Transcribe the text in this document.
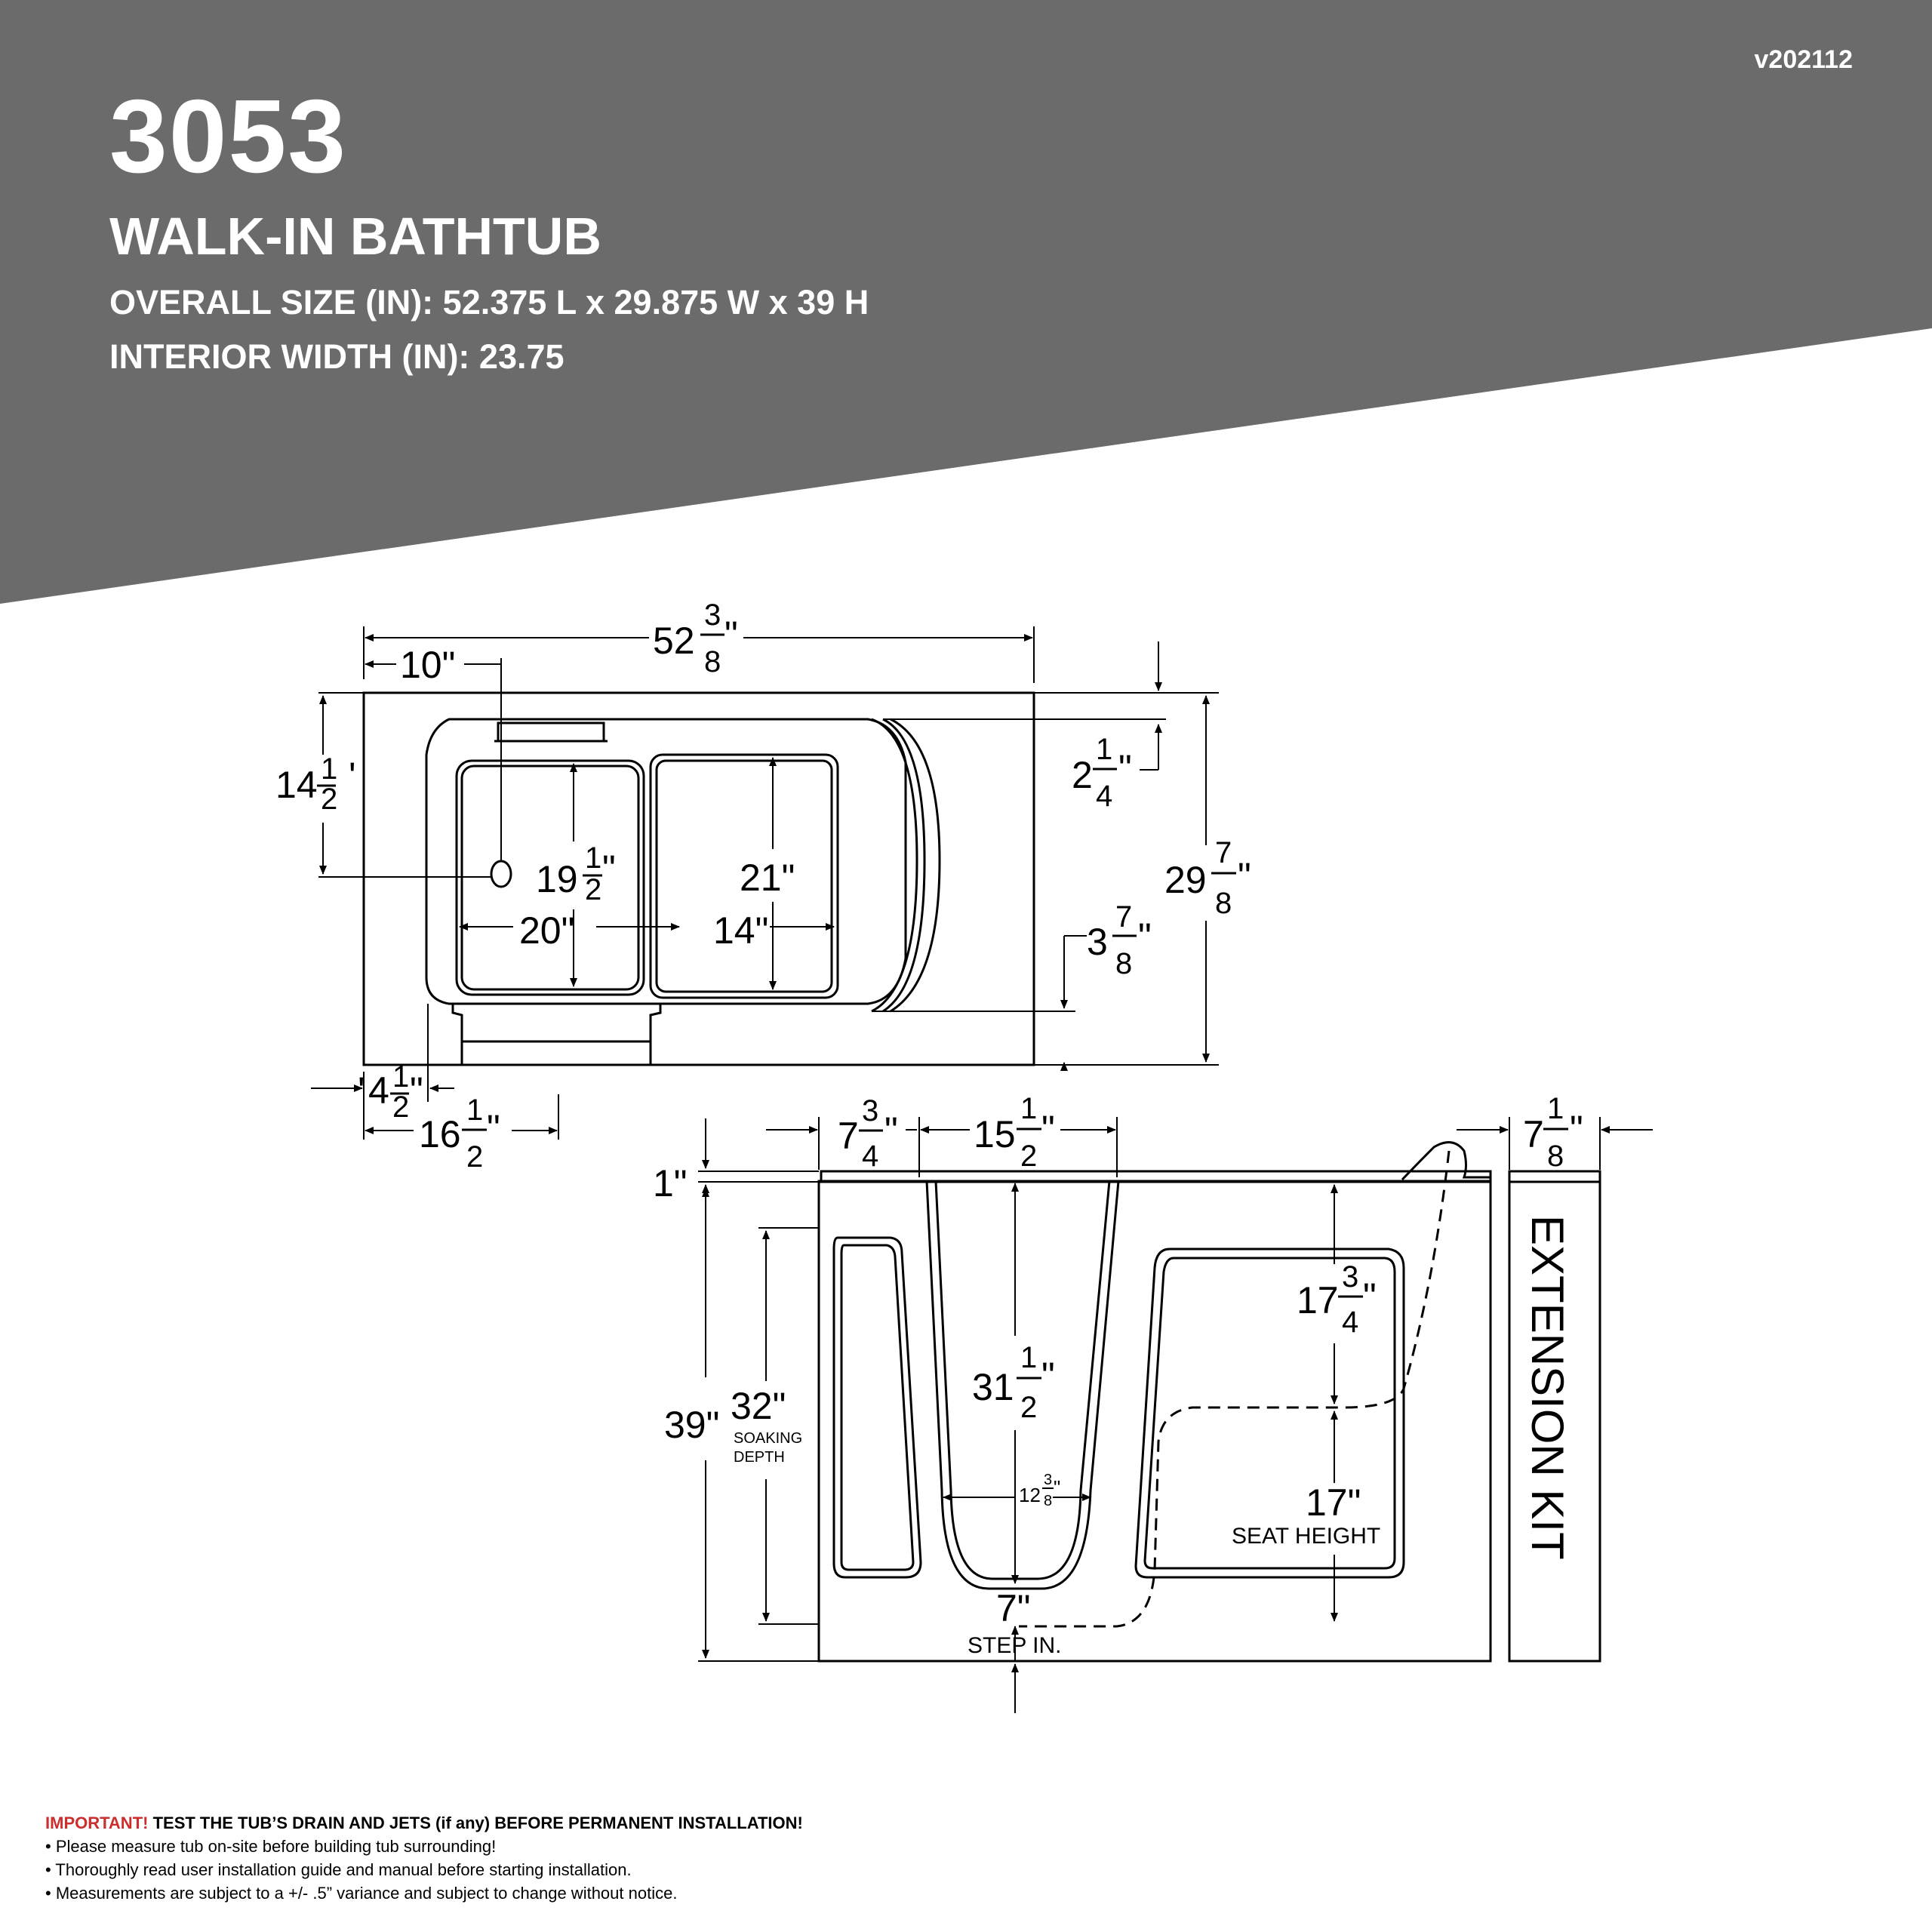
v202112
3053
WALK-IN BATHTUB
OVERALL SIZE (IN): 52.375 L x 29.875 W x 39 H
INTERIOR WIDTH (IN): 23.75
52
3
8
"
10"
14 1
2
'	2
1
4
"
29
7
8
"
3
7
8
"
19 1
2 "	21"
20"	14"
4 1
2 "
'
16
1
2
"	7
3
4
" 15
1
2
"	7
1
8
"
1"
39" 32"
SOAKING
DEPTH
31
1
2
"
12
3
8
"
17
3
4
"
17"
SEAT HEIGHT
7"
STEP IN.
EXTENSION KIT
IMPORTANT! TEST THE TUB’S DRAIN AND JETS (if any) BEFORE PERMANENT INSTALLATION!
• Please measure tub on-site before building tub surrounding!
• Thoroughly read user installation guide and manual before starting installation.
• Measurements are subject to a +/- .5” variance and subject to change without notice.
